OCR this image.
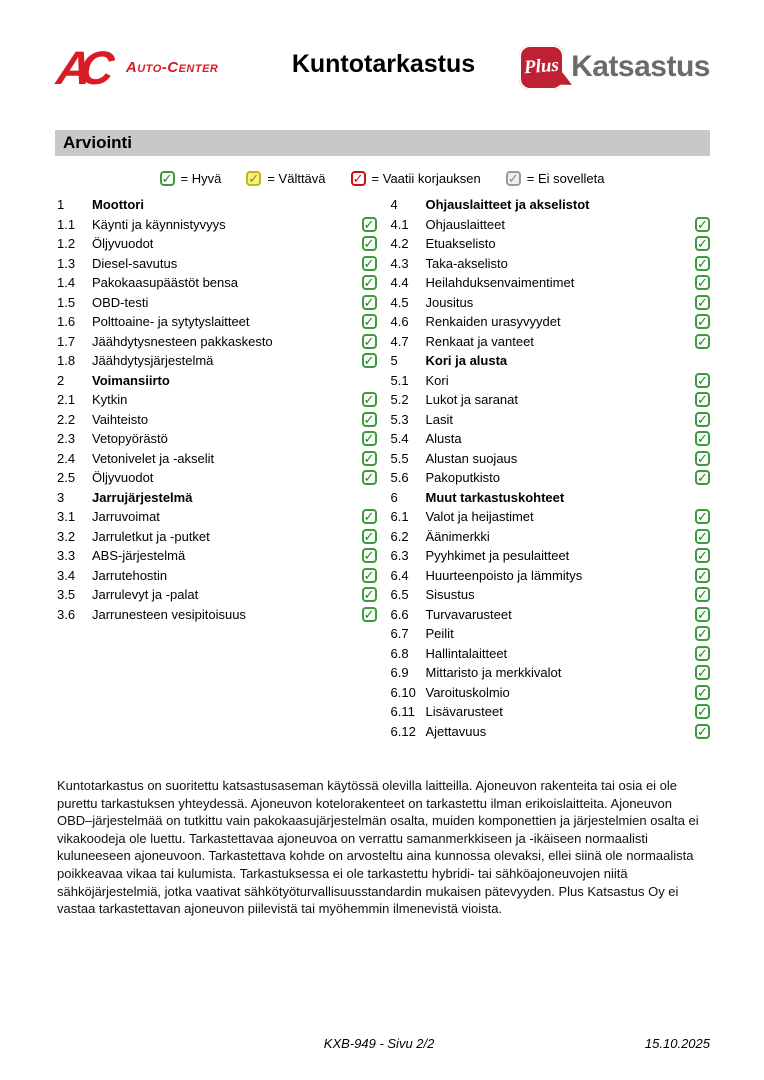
AC	Auto-Center	Kuntotarkastus	Plus Katsastus
Arviointi
✓ = Hyvä ✓ = Välttävä ✓ = Vaatii korjauksen ✓ = Ei sovelleta
1	Moottori
1.1	Käynti ja käynnistyvyys	✓
1.2	Öljyvuodot	✓
1.3	Diesel-savutus	✓
1.4	Pakokaasupäästöt bensa	✓
1.5	OBD-testi	✓
1.6	Polttoaine- ja sytytyslaitteet	✓
1.7	Jäähdytysnesteen pakkaskesto	✓
1.8	Jäähdytysjärjestelmä	✓
2	Voimansiirto
2.1	Kytkin	✓
2.2	Vaihteisto	✓
2.3	Vetopyörästö	✓
2.4	Vetonivelet ja -akselit	✓
2.5	Öljyvuodot	✓
3	Jarrujärjestelmä
3.1	Jarruvoimat	✓
3.2	Jarruletkut ja -putket	✓
3.3	ABS-järjestelmä	✓
3.4	Jarrutehostin	✓
3.5	Jarrulevyt ja -palat	✓
3.6	Jarrunesteen vesipitoisuus	✓
4	Ohjauslaitteet ja akselistot
4.1	Ohjauslaitteet	✓
4.2	Etuakselisto	✓
4.3	Taka-akselisto	✓
4.4	Heilahduksenvaimentimet	✓
4.5	Jousitus	✓
4.6	Renkaiden urasyvyydet	✓
4.7	Renkaat ja vanteet	✓
5	Kori ja alusta
5.1	Kori	✓
5.2	Lukot ja saranat	✓
5.3	Lasit	✓
5.4	Alusta	✓
5.5	Alustan suojaus	✓
5.6	Pakoputkisto	✓
6	Muut tarkastuskohteet
6.1	Valot ja heijastimet	✓
6.2	Äänimerkki	✓
6.3	Pyyhkimet ja pesulaitteet	✓
6.4	Huurteenpoisto ja lämmitys	✓
6.5	Sisustus	✓
6.6	Turvavarusteet	✓
6.7	Peilit	✓
6.8	Hallintalaitteet	✓
6.9	Mittaristo ja merkkivalot	✓
6.10 Varoituskolmio	✓
6.11 Lisävarusteet	✓
6.12 Ajettavuus	✓

Kuntotarkastus on suoritettu katsastusaseman käytössä olevilla laitteilla. Ajoneuvon rakenteita tai osia ei ole purettu tarkastuksen yhteydessä. Ajoneuvon kotelorakenteet on tarkastettu ilman erikoislaitteita. Ajoneuvon OBD–järjestelmää on tutkittu vain pakokaasujärjestelmän osalta, muiden komponettien ja järjestelmien osalta ei vikakoodeja ole luettu. Tarkastettavaa ajoneuvoa on verrattu samanmerkkiseen ja -ikäiseen normaalisti kuluneeseen ajoneuvoon. Tarkastettava kohde on arvosteltu aina kunnossa olevaksi, ellei siinä ole normaalista poikkeavaa vikaa tai kulumista. Tarkastuksessa ei ole tarkastettu hybridi- tai sähköajoneuvojen niitä sähköjärjestelmiä, jotka vaativat sähkötyöturvallisuusstandardin mukaisen pätevyyden. Plus Katsastus Oy ei vastaa tarkastettavan ajoneuvon piilevistä tai myöhemmin ilmenevistä vioista.

KXB-949 - Sivu 2/2	15.10.2025
